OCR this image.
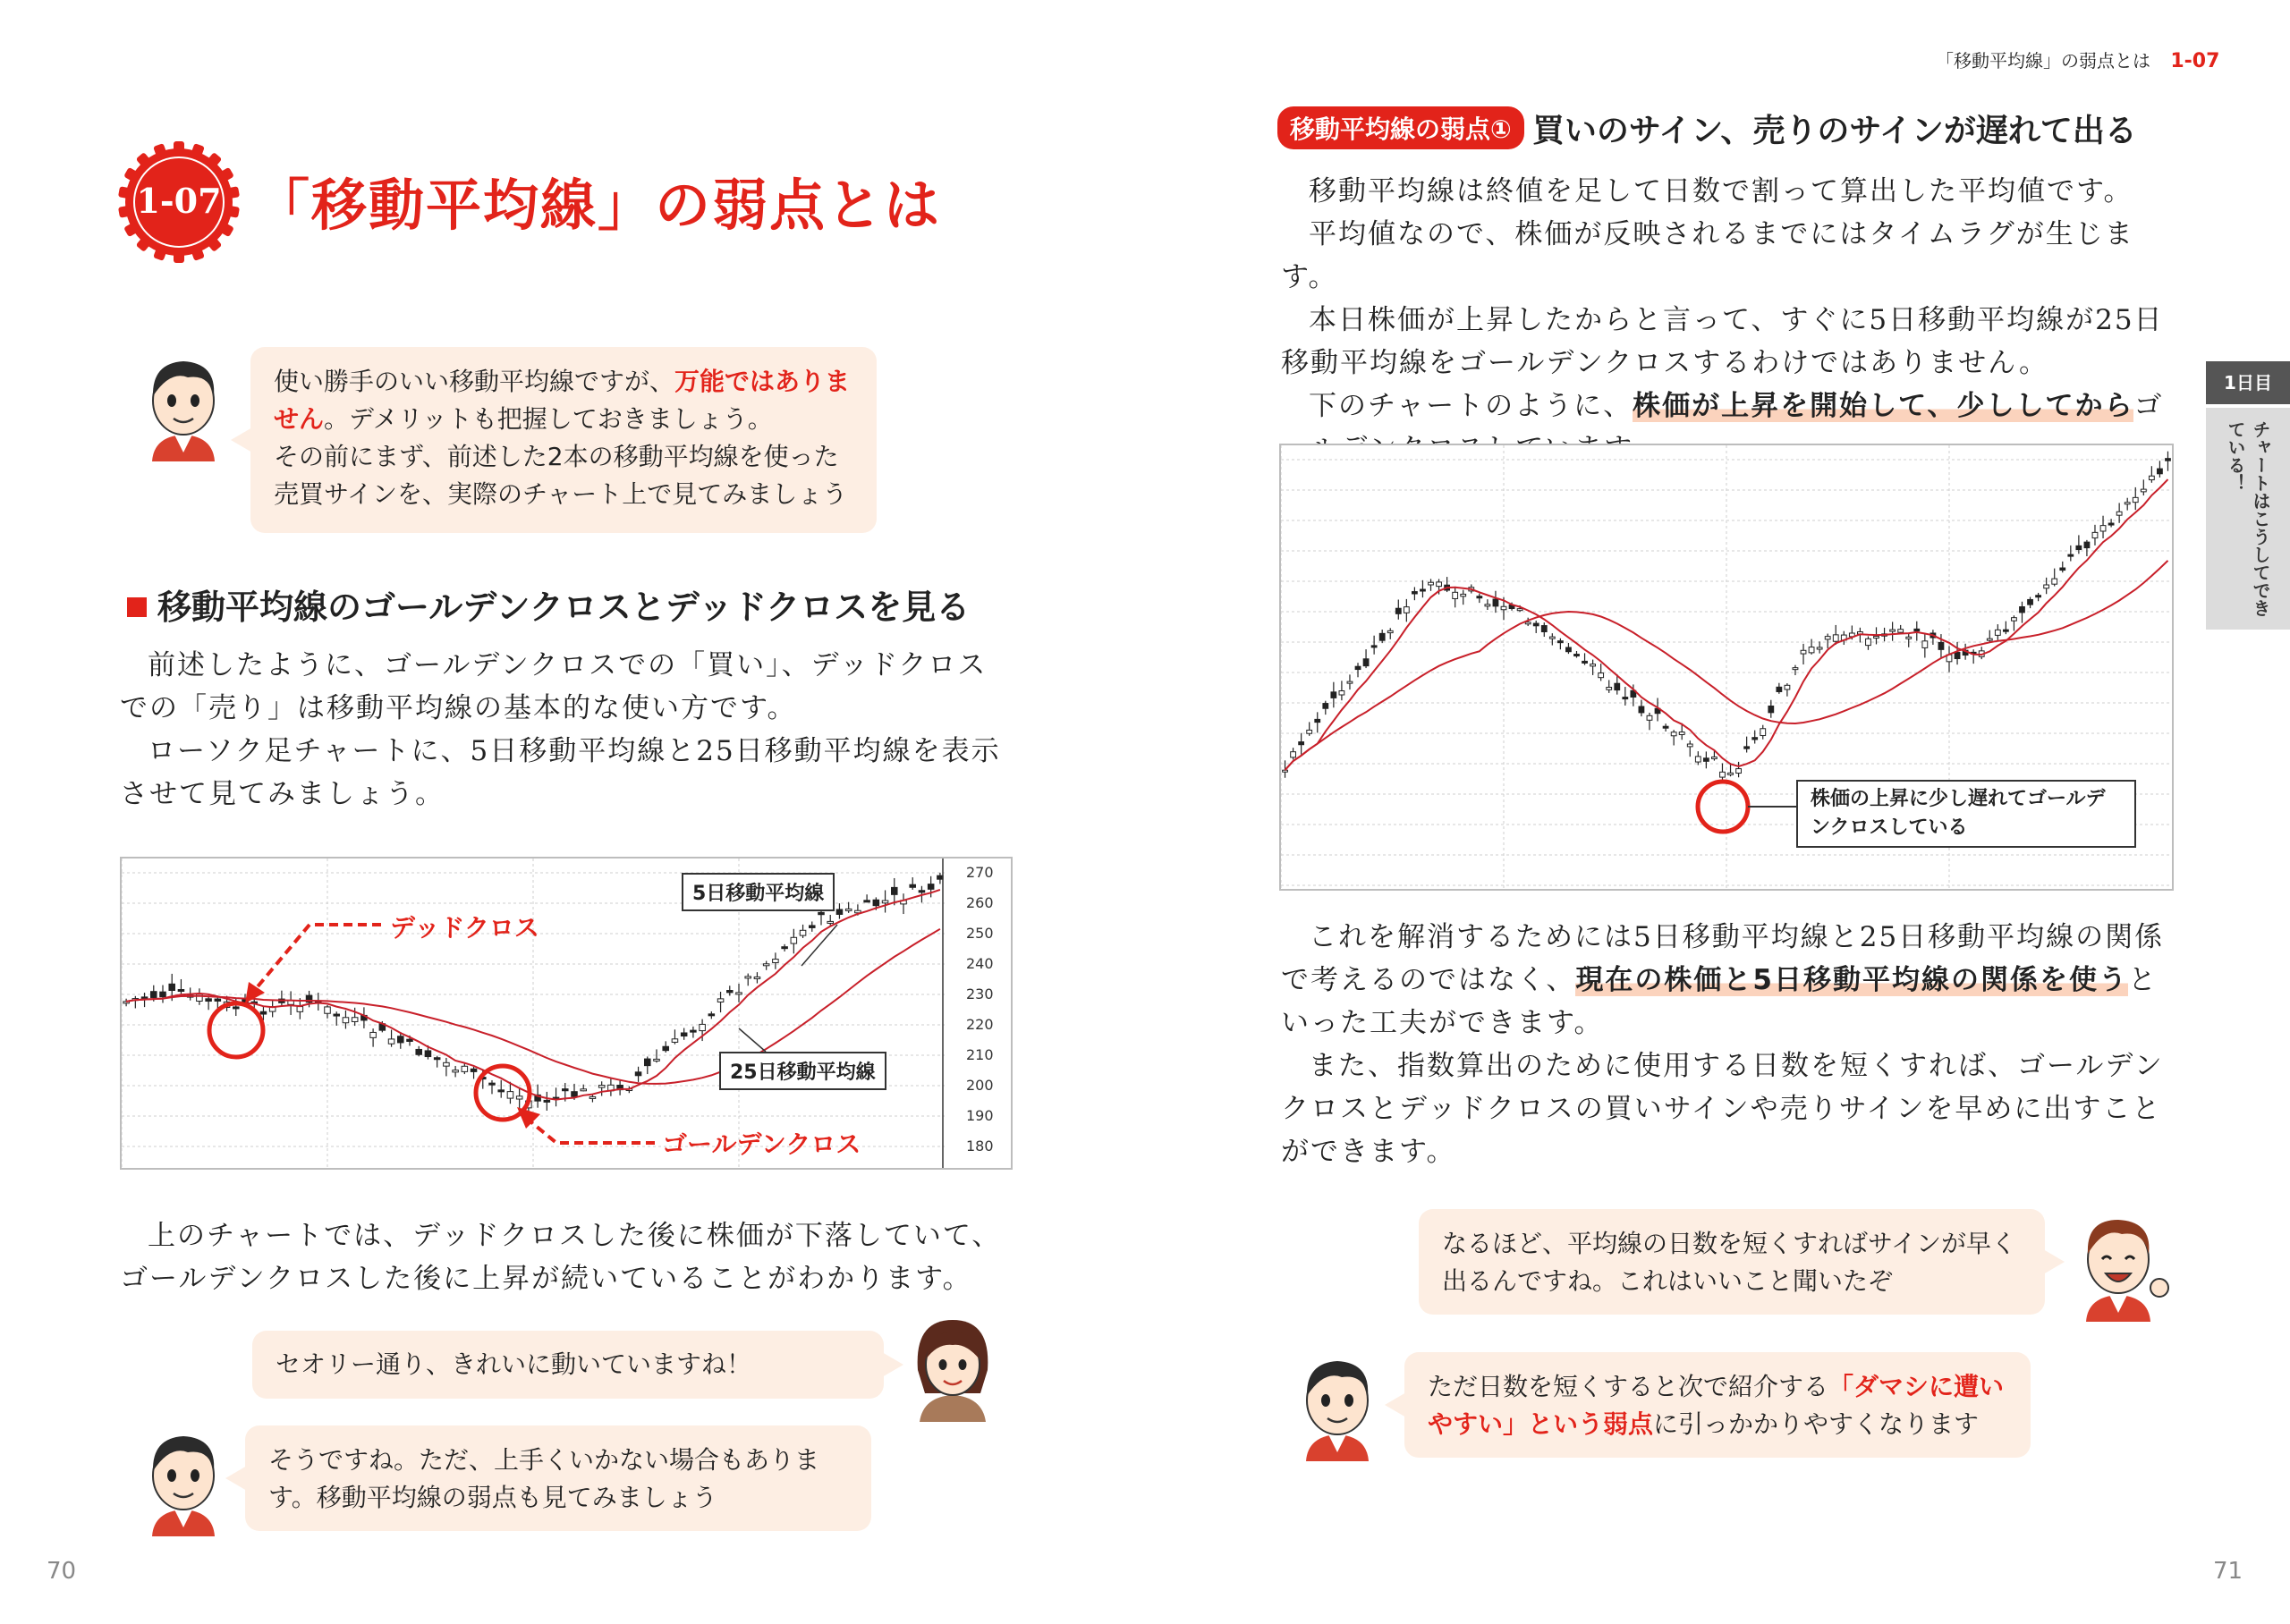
1-07 「移動平均線」の弱点とは
使い勝手のいい移動平均線ですが、万能ではありません。デメリットも把握しておきましょう。
その前にまず、前述した2本の移動平均線を使った売買サインを、実際のチャート上で見てみましょう
移動平均線のゴールデンクロスとデッドクロスを見る

前述したように、ゴールデンクロスでの「買い」、デッドクロスでの「売り」は移動平均線の基本的な使い方です。

ローソク足チャートに、5日移動平均線と25日移動平均線を表示させて見てみましょう。

デッドクロス
ゴールデンクロス
5日移動平均線
25日移動平均線
270
260
250
240
230
220
210
200
190
180

上のチャートでは、デッドクロスした後に株価が下落していて、ゴールデンクロスした後に上昇が続いていることがわかります。

セオリー通り、きれいに動いていますね！
そうですね。ただ、上手くいかない場合もあります。移動平均線の弱点も見てみましょう
70
「移動平均線」の弱点とは 1-07
移動平均線の弱点① 買いのサイン、売りのサインが遅れて出る

移動平均線は終値を足して日数で割って算出した平均値です。

平均値なので、株価が反映されるまでにはタイムラグが生じます。

本日株価が上昇したからと言って、すぐに5日移動平均線が25日移動平均線をゴールデンクロスするわけではありません。

下のチャートのように、株価が上昇を開始して、少ししてからゴ

株価の上昇に少し遅れてゴールデンクロスしている

これを解消するためには5日移動平均線と25日移動平均線の関係で考えるのではなく、現在の株価と5日移動平均線の関係を使うといった工夫ができます。

また、指数算出のために使用する日数を短くすれば、ゴールデンクロスとデッドクロスの買いサインや売りサインを早めに出すことができます。

なるほど、平均線の日数を短くすればサインが早く出るんですね。これはいいこと聞いたぞ
ただ日数を短くすると次で紹介する「ダマシに遭いやすい」という弱点に引っかかりやすくなります
71
1日目
チャートはこうしてできている！
